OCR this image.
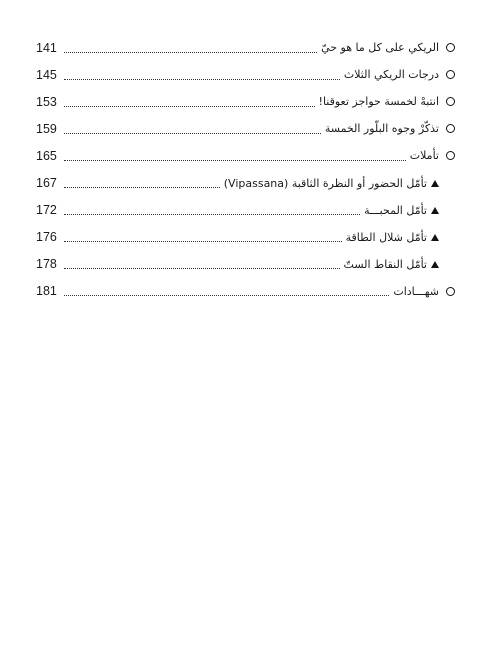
141	الريكي على كل ما هو حيّ
145	درجات الريكي الثلاث
153	انتبهْ لخمسة حواجز تعوقنا!
159	تذكّرْ وجوه البلّور الخمسة
165	تأملات
167	تأمّل الحضور أو النظرة الثاقبة (Vipassana)
172	تأمّل المحبـــة
176	تأمّل شلال الطاقة
178	تأمّل النقاط الستّ
181	شهـــادات
